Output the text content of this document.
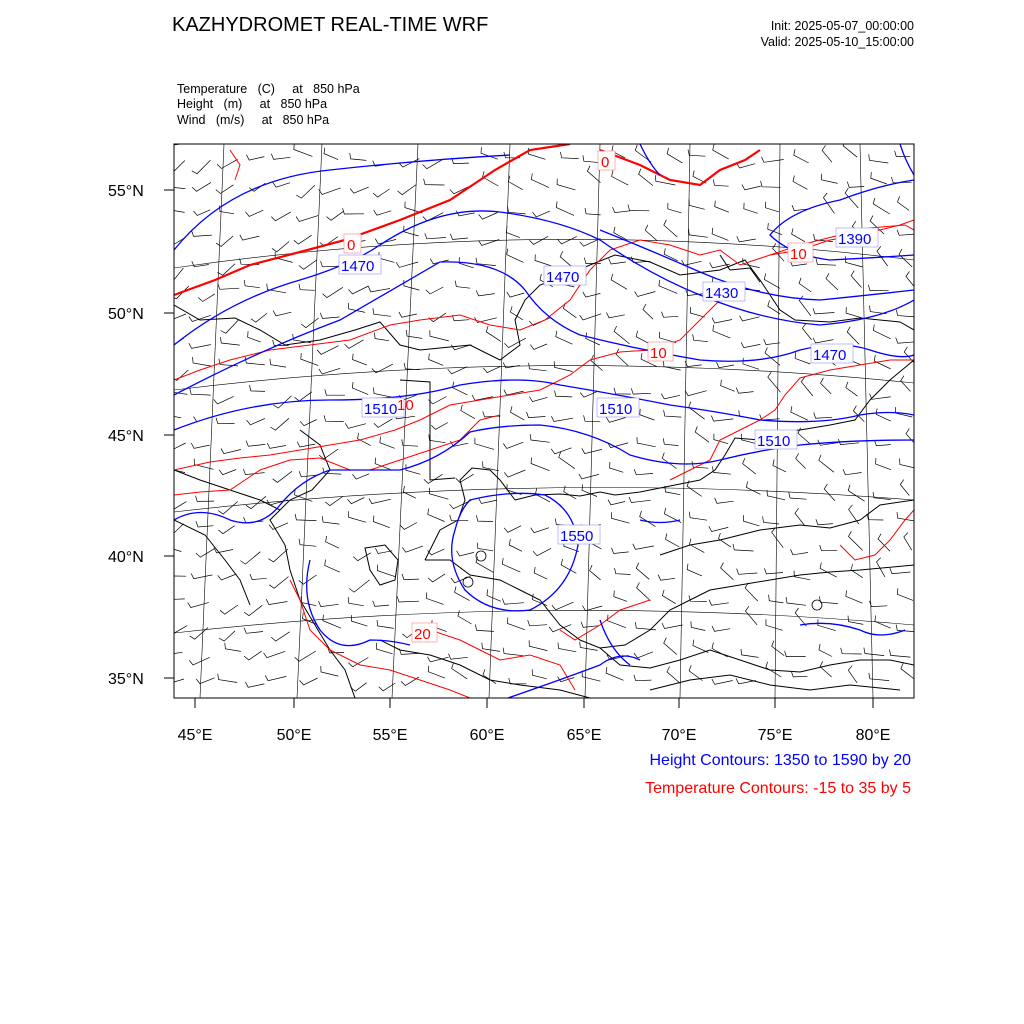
KAZHYDROMET REAL-TIME WRF	Init: 2025-05-07_00:00:00
Valid: 2025-05-10_15:00:00
Temperature   (C)     at   850 hPa
Height   (m)     at   850 hPa
Wind   (m/s)     at   850 hPa
1470
1470
1430
1390
1470
1510	1510
1510
1550
0
0
10
10
10
20
55°N
50°N
45°N
40°N
35°N
45°E	50°E	55°E	60°E	65°E	70°E	75°E	80°E
Height Contours: 1350 to 1590 by 20
Temperature Contours: -15 to 35 by 5
